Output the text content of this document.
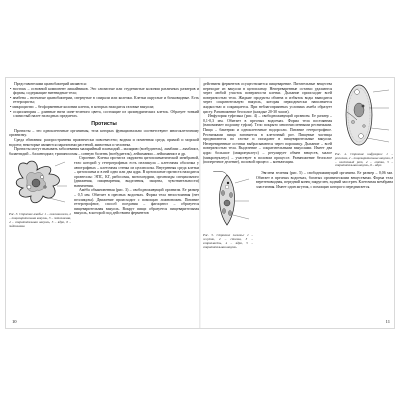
Представителями цианобактерий являются:

• ностокъ – основной компонент лишайников. Это слизистые или студенистые колонии различных размеров и формы, содержащие нитевидные тела;

• анабена – нитчатые цианобактерии, свернутые в спирали или колечки. Клетки округлые и бочковидные. Есть гетероцисты;

• микроцистис – бесформенные колонии клеток, в которых находятся газовые вакуоли;

• осциллятория – длинные нити сине-зеленого цвета, состоящие из цилиндрических клеток. Образует тонкий слизистый налет на водных предметах.

Протисты

Протисты – это одноклеточные организмы, тела которых функционально соответствуют многоклеточному организму.

Среда обитания: распространены практически повсеместно; водная и почвенная среда, прямой и морской водоем; некоторые являются паразитами растений, животных и человека.

Протисты могут вызывать заболевания малярийный плазмодий – малярию (возбудитель), лямблии – лямблиоз, балантидий – балантидиаз; трипаносомы – сонную болезнь (возбудитель), лейшмании – лейшманиоз и др.

Рис. 3. Строение амебы: 1 – ложноножки, 2 – пищеварительная вакуоль, 3 – эктоплазма, 4 – сократительная вакуоль, 5 – ядро, 6 – эндоплазма

Строение. Клетка протиста окружена цитоплазматической мембраной, тело которой у гетеротрофных есть пелликула – клеточная оболочка у автотрофных – клеточная стенка из целлюлозы. Внутренняя среда клетки – цитоплазма и в ней одно или два ядра. В цитоплазме протиста находятся органеллы: ЭПС, КГ, рибосомы, митохондрии, органоиды специального (движения, пищеварения, выделения, защиты, чувствительности) назначения.

Амёба обыкновенная (рис. 3) – свободноживущий организм. Ее размер – 0,5 мм. Обитает в пресных водоемах. Форма тела непостоянная (нет пелликулы). Движение происходит с помощью ложноножек. Питание гетеротрофное, способ поедания – фагоцитоз – образуется пищеварительная вакуоль. Вокруг пищи образуется пищеварительная вакуоль, в которой под действием ферментов

10

действием ферментов осуществляется пищеварение. Питательные вещества переходят из вакуоли в цитоплазму. Непереваренные остатки удаляются через любой участок поверхности клетки. Дыхание происходит всей поверхностью тела. Жидкие продукты обмена и избыток воды выводятся через сократительную вакуоль, которая периодически наполняется жидкостью и сокращается. При неблагоприятных условиях амеба образует цисту. Размножение бесполое (каждые 20-30 часов).

Инфузория туфелька (рис. 4) – свободноживущий организм. Ее размер – 0,1-0,3 мм. Обитает в пресных водоемах. Форма тела постоянная (напоминает подошву туфли). Тело покрыто многочисленными ресничками. Пища – бактерии и одноклеточные водоросли. Питание гетеротрофное. Ресничками пища загоняется в клеточный рот. Пищевые частицы продвигаются по глотке и попадают в пищеварительные вакуоли. Непереваренные остатки выбрасываются через порошицу. Дыхание – всей поверхностью тела. Выделение – сократительными вакуолями. Имеет два ядра: большое (макронуклеус) – регулирует обмен веществ, малое (микронуклеус) – участвует в половом процессе. Размножение бесполое (поперечное деление), половой процесс – конъюгация.

Рис. 4. Строение инфузории: 1 – реснички, 2 – пищеварительные вакуоли, 3 – клеточный рот, 4 – глотка, 5 – сократительная вакуоль, 6 – ядро

Рис. 5. Строение эвглены: 1 – жгутик, 2 – стигма, 3 – хлоропласты, 4 – ядро, 5 – сократительная вакуоль

Эвглена зеленая (рис. 5) – свободноживущий организм. Ее размер – 0,06 мм. Обитает в пресных водоемах, богатых органическими веществами. Форма тела веретеновидная, передний конец закруглен, задний заострен. Клеточная мембрана эластичная. Имеет один жгутик, с помощью которого передвигается.

11
